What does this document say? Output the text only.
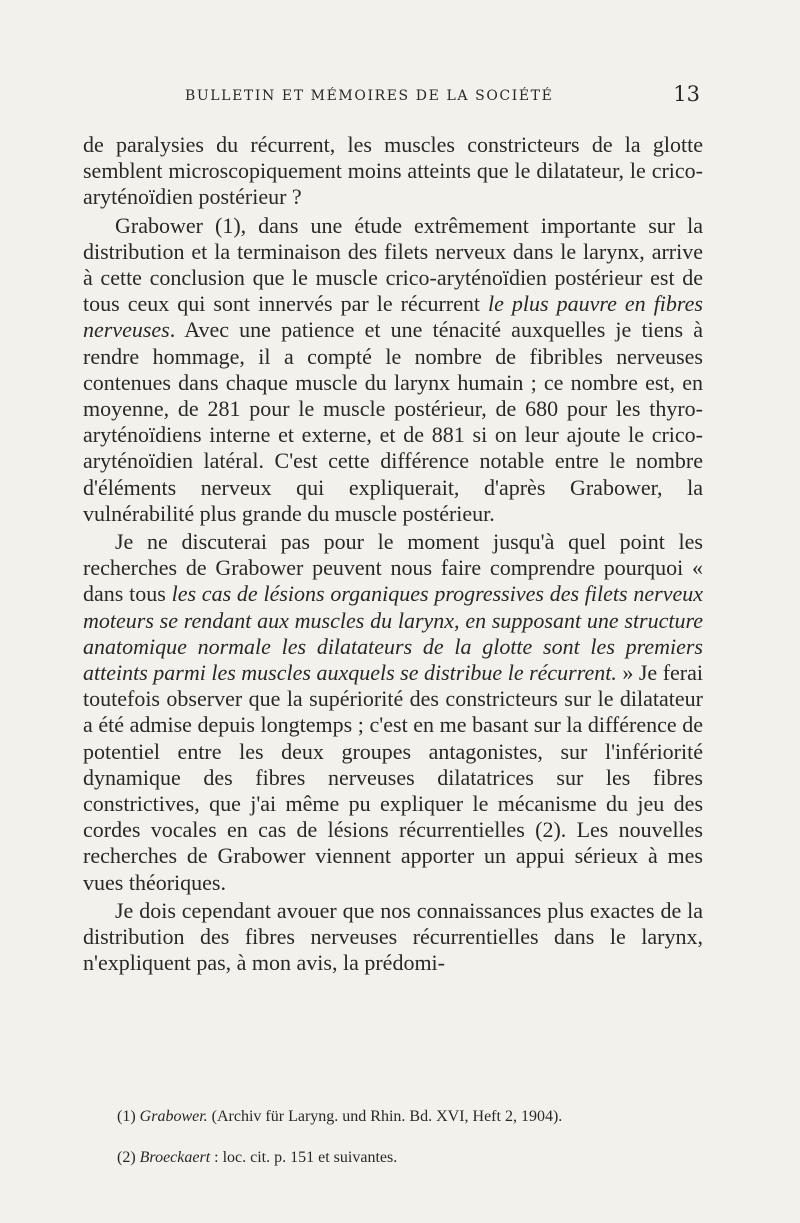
BULLETIN ET MÉMOIRES DE LA SOCIÉTÉ	13

de paralysies du récurrent, les muscles constricteurs de la glotte semblent microscopiquement moins atteints que le dilatateur, le crico-aryténoïdien postérieur ?

Grabower (1), dans une étude extrêmement importante sur la distribution et la terminaison des filets nerveux dans le larynx, arrive à cette conclusion que le muscle crico-aryténoïdien postérieur est de tous ceux qui sont innervés par le récurrent le plus pauvre en fibres nerveuses. Avec une patience et une ténacité auxquelles je tiens à rendre hommage, il a compté le nombre de fibribles nerveuses contenues dans chaque muscle du larynx humain ; ce nombre est, en moyenne, de 281 pour le muscle postérieur, de 680 pour les thyro-aryténoïdiens interne et externe, et de 881 si on leur ajoute le crico-aryténoïdien latéral. C'est cette différence notable entre le nombre d'éléments nerveux qui expliquerait, d'après Grabower, la vulnérabilité plus grande du muscle postérieur.

Je ne discuterai pas pour le moment jusqu'à quel point les recherches de Grabower peuvent nous faire comprendre pourquoi « dans tous les cas de lésions organiques progressives des filets nerveux moteurs se rendant aux muscles du larynx, en supposant une structure anatomique normale les dilatateurs de la glotte sont les premiers atteints parmi les muscles auxquels se distribue le récurrent. » Je ferai toutefois observer que la supériorité des constricteurs sur le dilatateur a été admise depuis longtemps ; c'est en me basant sur la différence de potentiel entre les deux groupes antagonistes, sur l'infériorité dynamique des fibres nerveuses dilatatrices sur les fibres constrictives, que j'ai même pu expliquer le mécanisme du jeu des cordes vocales en cas de lésions récurrentielles (2). Les nouvelles recherches de Grabower viennent apporter un appui sérieux à mes vues théoriques.

Je dois cependant avouer que nos connaissances plus exactes de la distribution des fibres nerveuses récurrentielles dans le larynx, n'expliquent pas, à mon avis, la prédomi-

(1) Grabower. (Archiv für Laryng. und Rhin. Bd. XVI, Heft 2, 1904).
(2) Broeckaert : loc. cit. p. 151 et suivantes.
